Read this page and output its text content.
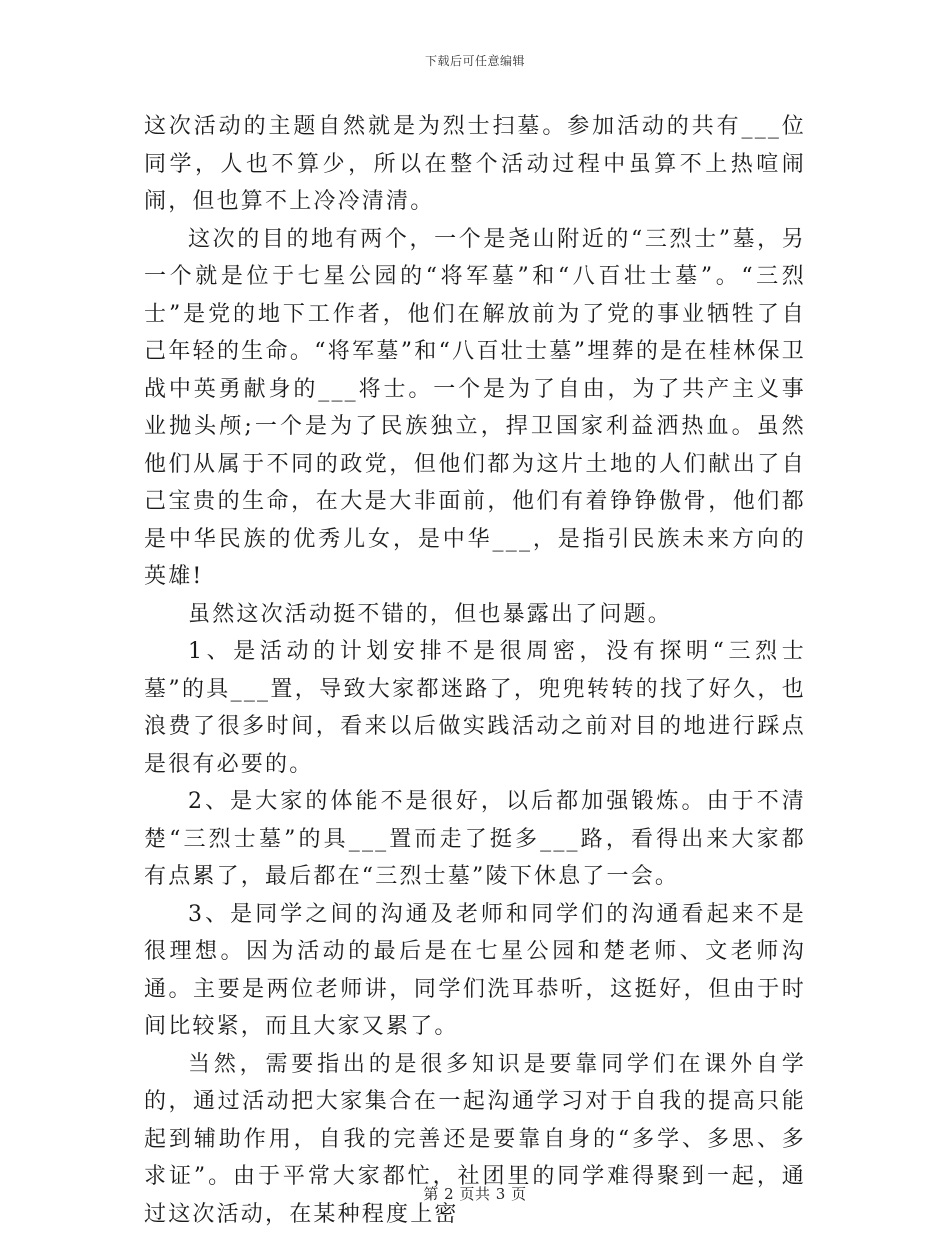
下载后可任意编辑

这次活动的主题自然就是为烈士扫墓。参加活动的共有___位同学，人也不算少，所以在整个活动过程中虽算不上热喧闹闹，但也算不上冷冷清清。

这次的目的地有两个，一个是尧山附近的“三烈士”墓，另一个就是位于七星公园的“将军墓”和“八百壮士墓”。“三烈士”是党的地下工作者，他们在解放前为了党的事业牺牲了自己年轻的生命。“将军墓”和“八百壮士墓”埋葬的是在桂林保卫战中英勇献身的___将士。一个是为了自由，为了共产主义事业抛头颅;一个是为了民族独立，捍卫国家利益洒热血。虽然他们从属于不同的政党，但他们都为这片土地的人们献出了自己宝贵的生命，在大是大非面前，他们有着铮铮傲骨，他们都是中华民族的优秀儿女，是中华___，是指引民族未来方向的英雄!

虽然这次活动挺不错的，但也暴露出了问题。

1、是活动的计划安排不是很周密，没有探明“三烈士墓”的具___置，导致大家都迷路了，兜兜转转的找了好久，也浪费了很多时间，看来以后做实践活动之前对目的地进行踩点是很有必要的。

2、是大家的体能不是很好，以后都加强锻炼。由于不清楚“三烈士墓”的具___置而走了挺多___路，看得出来大家都有点累了，最后都在“三烈士墓”陵下休息了一会。

3、是同学之间的沟通及老师和同学们的沟通看起来不是很理想。因为活动的最后是在七星公园和楚老师、文老师沟通。主要是两位老师讲，同学们洗耳恭听，这挺好，但由于时间比较紧，而且大家又累了。

当然，需要指出的是很多知识是要靠同学们在课外自学的，通过活动把大家集合在一起沟通学习对于自我的提高只能起到辅助作用，自我的完善还是要靠自身的“多学、多思、多求证”。由于平常大家都忙，社团里的同学难得聚到一起，通过这次活动，在某种程度上密

第 2 页共 3 页
